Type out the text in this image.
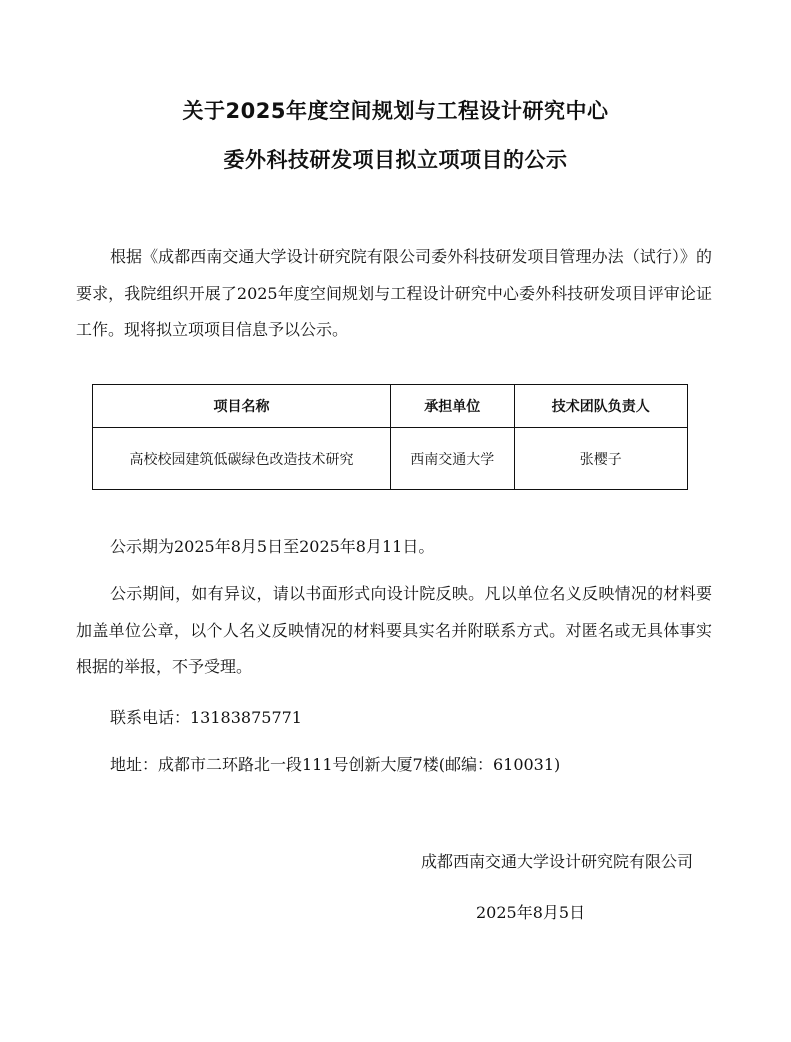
关于2025年度空间规划与工程设计研究中心
委外科技研发项目拟立项项目的公示

根据《成都西南交通大学设计研究院有限公司委外科技研发项目管理办法（试行）》的要求，我院组织开展了2025年度空间规划与工程设计研究中心委外科技研发项目评审论证工作。现将拟立项项目信息予以公示。

项目名称	承担单位	技术团队负责人
高校校园建筑低碳绿色改造技术研究	西南交通大学	张樱子

公示期为2025年8月5日至2025年8月11日。

公示期间，如有异议，请以书面形式向设计院反映。凡以单位名义反映情况的材料要加盖单位公章，以个人名义反映情况的材料要具实名并附联系方式。对匿名或无具体事实根据的举报，不予受理。

联系电话：13183875771

地址：成都市二环路北一段111号创新大厦7楼(邮编：610031)

成都西南交通大学设计研究院有限公司
2025年8月5日
